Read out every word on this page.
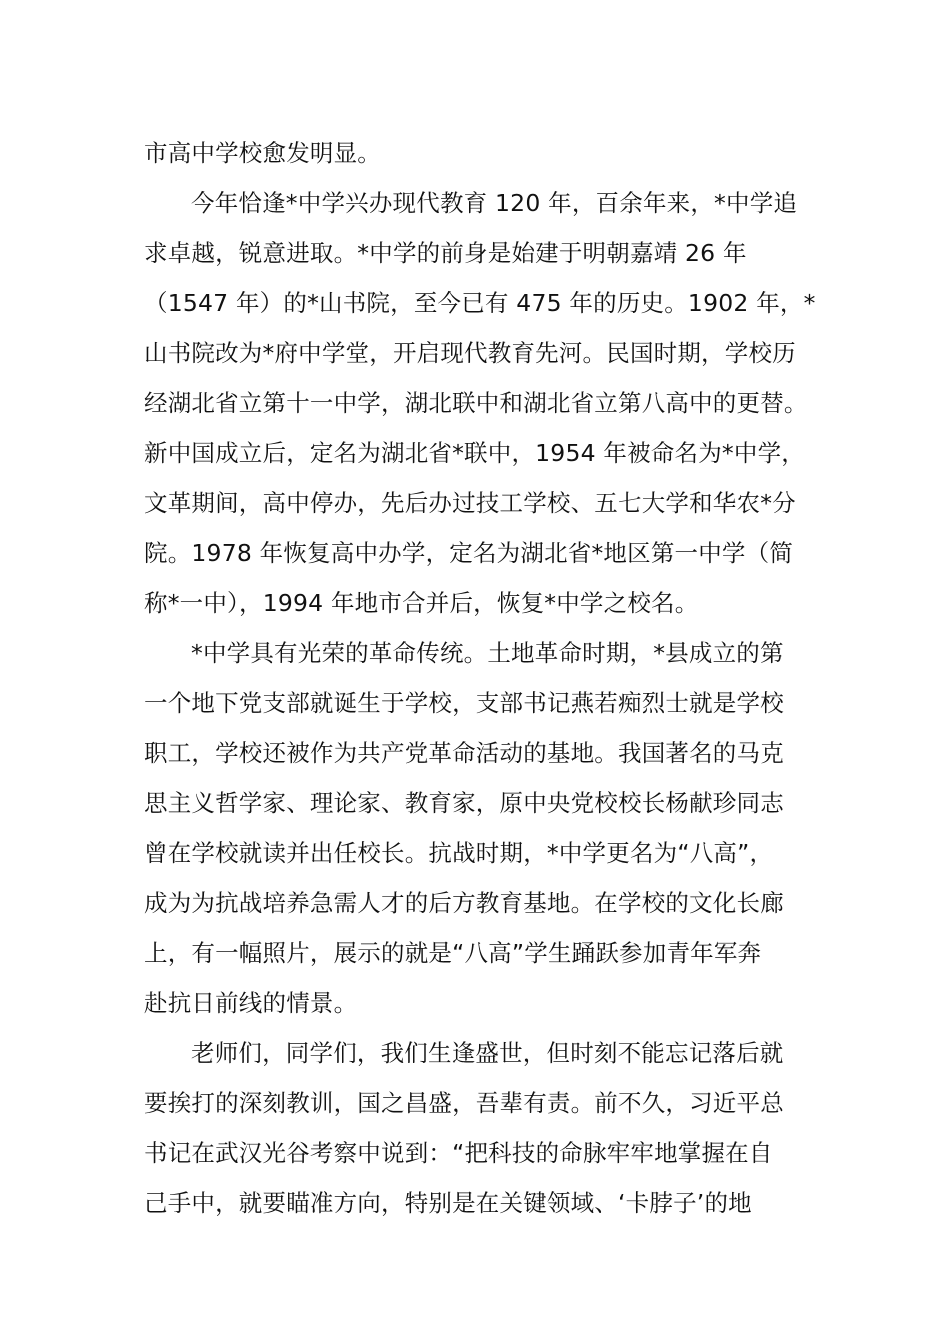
市高中学校愈发明显。
今年恰逢*中学兴办现代教育 120 年，百余年来，*中学追
求卓越，锐意进取。*中学的前身是始建于明朝嘉靖 26 年
（1547 年）的*山书院，至今已有 475 年的历史。1902 年，*
山书院改为*府中学堂，开启现代教育先河。民国时期，学校历
经湖北省立第十一中学，湖北联中和湖北省立第八高中的更替。
新中国成立后，定名为湖北省*联中，1954 年被命名为*中学，
文革期间，高中停办，先后办过技工学校、五七大学和华农*分
院。1978 年恢复高中办学，定名为湖北省*地区第一中学（简
称*一中），1994 年地市合并后，恢复*中学之校名。
*中学具有光荣的革命传统。土地革命时期，*县成立的第
一个地下党支部就诞生于学校，支部书记燕若痴烈士就是学校
职工，学校还被作为共产党革命活动的基地。我国著名的马克
思主义哲学家、理论家、教育家，原中央党校校长杨献珍同志
曾在学校就读并出任校长。抗战时期，*中学更名为“八高”，
成为为抗战培养急需人才的后方教育基地。在学校的文化长廊
上，有一幅照片，展示的就是“八高”学生踊跃参加青年军奔
赴抗日前线的情景。
老师们，同学们，我们生逢盛世，但时刻不能忘记落后就
要挨打的深刻教训，国之昌盛，吾辈有责。前不久，习近平总
书记在武汉光谷考察中说到：“把科技的命脉牢牢地掌握在自
己手中，就要瞄准方向，特别是在关键领域、‘卡脖子’的地
